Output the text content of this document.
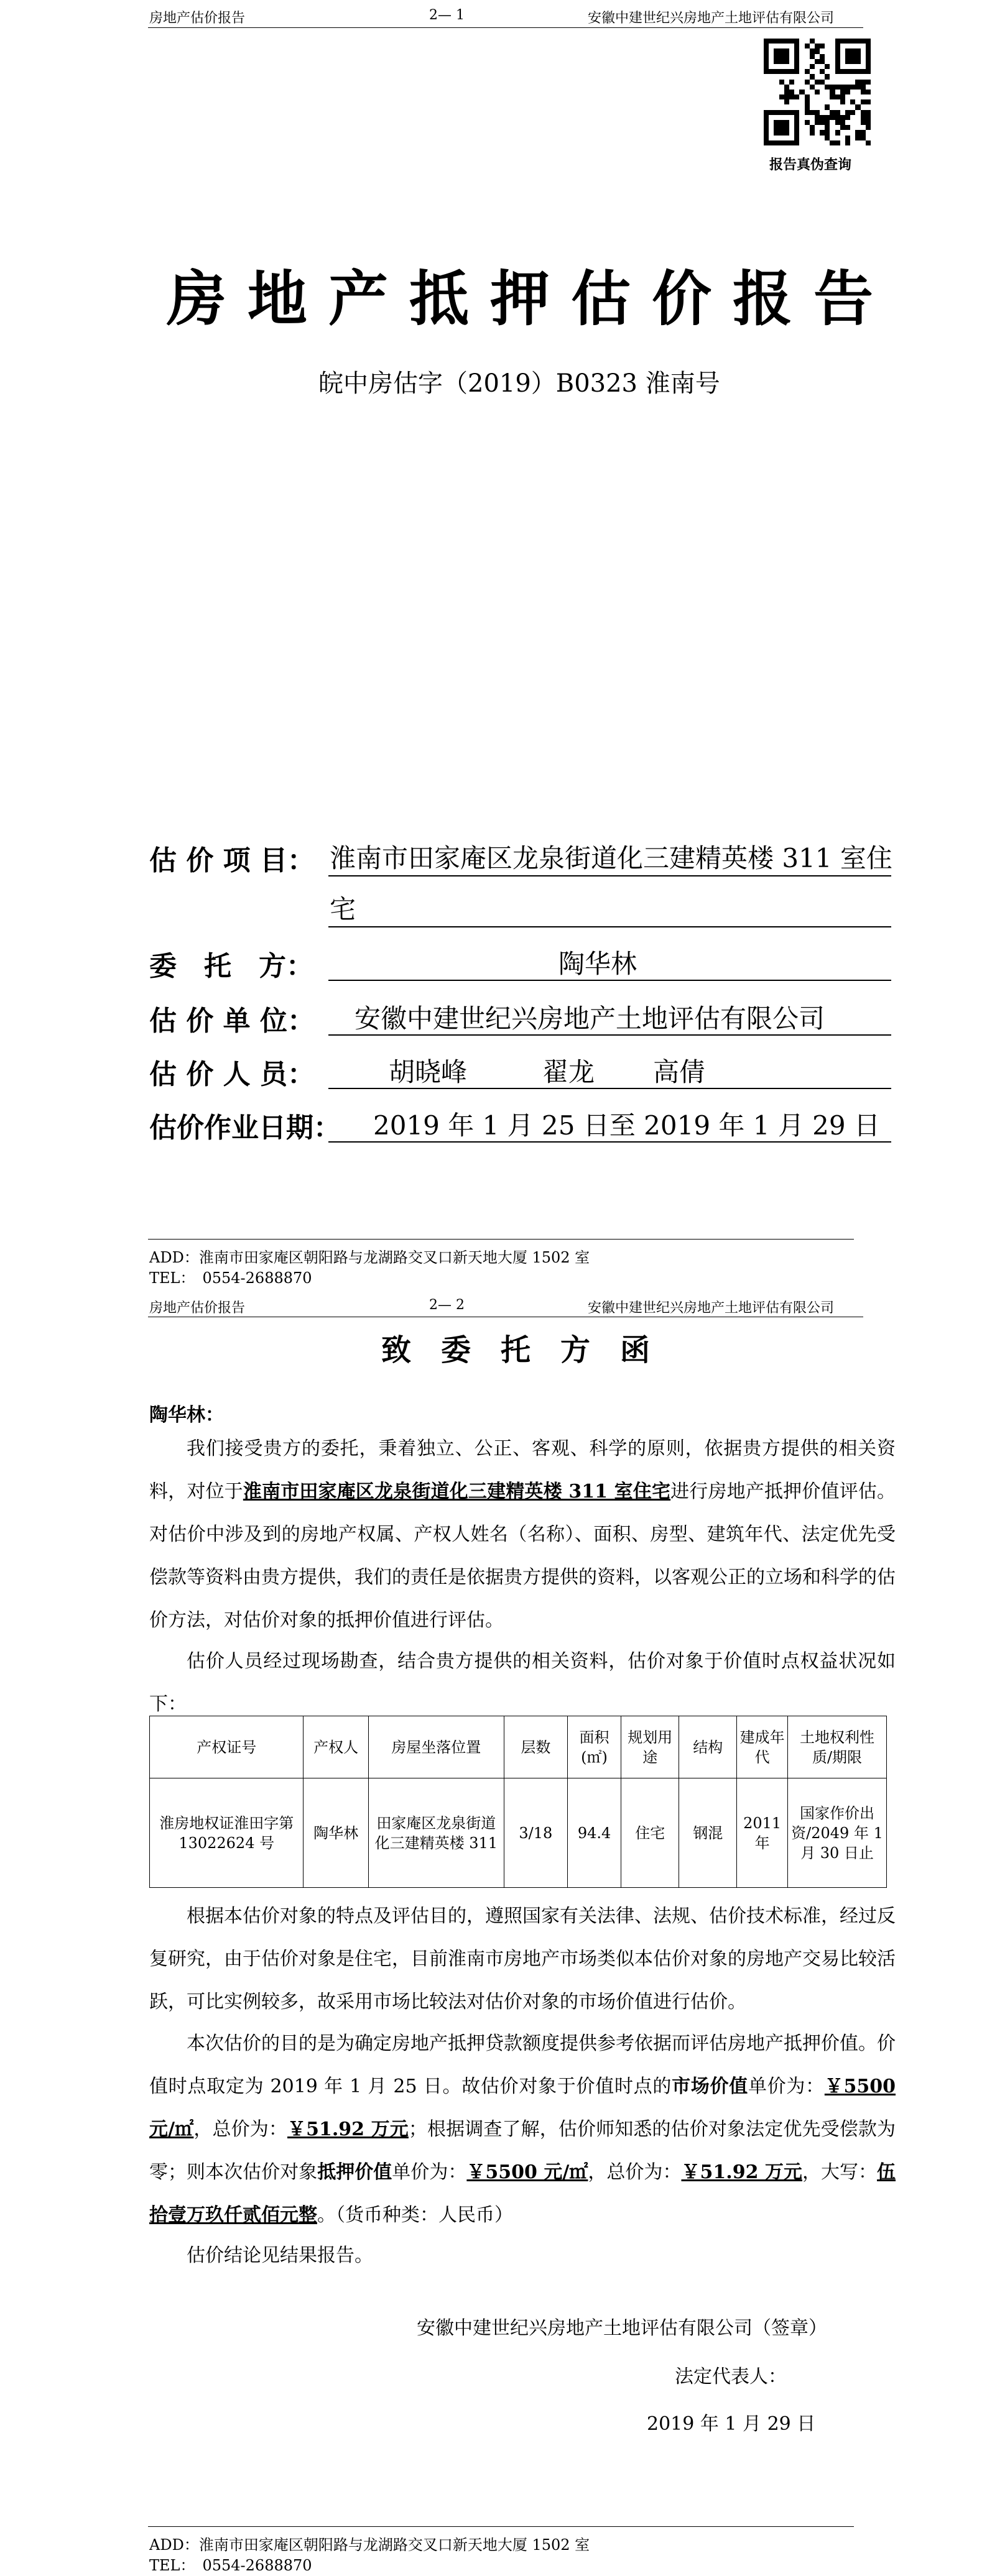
房地产估价报告	2— 1	安徽中建世纪兴房地产土地评估有限公司
报告真伪查询
房地产抵押估价报告
皖中房估字（2019）B0323 淮南号
估 价 项 目： 淮南市田家庵区龙泉街道化三建精英楼 311 室住
宅
委　托　方：	陶华林
估 价 单 位： 安徽中建世纪兴房地产土地评估有限公司
估 价 人 员：	胡晓峰	翟龙 高倩
估价作业日期： 2019 年 1 月 25 日至 2019 年 1 月 29 日
ADD：淮南市田家庵区朝阳路与龙湖路交叉口新天地大厦 1502 室
TEL：　0554-2688870
房地产估价报告	2— 2	安徽中建世纪兴房地产土地评估有限公司
致　委　托　方　函
陶华林：
我们接受贵方的委托，秉着独立、公正、客观、科学的原则，依据贵方提供的相关资料，对位于淮南市田家庵区龙泉街道化三建精英楼 311 室住宅进行房地产抵押价值评估。对估价中涉及到的房地产权属、产权人姓名（名称）、面积、房型、建筑年代、法定优先受偿款等资料由贵方提供，我们的责任是依据贵方提供的资料，以客观公正的立场和科学的估价方法，对估价对象的抵押价值进行评估。
估价人员经过现场勘查，结合贵方提供的相关资料，估价对象于价值时点权益状况如下：
产权证号	产权人	房屋坐落位置	层数	面积(㎡)	规划用途	结构	建成年代	土地权利性质/期限
淮房地权证淮田字第 13022624 号	陶华林	田家庵区龙泉街道化三建精英楼 311	3/18	94.4	住宅	钢混	2011 年	国家作价出资/2049 年 1 月 30 日止
根据本估价对象的特点及评估目的，遵照国家有关法律、法规、估价技术标准，经过反复研究，由于估价对象是住宅，目前淮南市房地产市场类似本估价对象的房地产交易比较活跃，可比实例较多，故采用市场比较法对估价对象的市场价值进行估价。
本次估价的目的是为确定房地产抵押贷款额度提供参考依据而评估房地产抵押价值。价值时点取定为 2019 年 1 月 25 日。故估价对象于价值时点的市场价值单价为：￥5500 元/㎡，总价为：￥51.92 万元；根据调查了解，估价师知悉的估价对象法定优先受偿款为零；则本次估价对象抵押价值单价为：￥5500 元/㎡，总价为：￥51.92 万元，大写：伍拾壹万玖仟贰佰元整。（货币种类：人民币）
估价结论见结果报告。
安徽中建世纪兴房地产土地评估有限公司（签章）
法定代表人：
2019 年 1 月 29 日
ADD：淮南市田家庵区朝阳路与龙湖路交叉口新天地大厦 1502 室
TEL：　0554-2688870
